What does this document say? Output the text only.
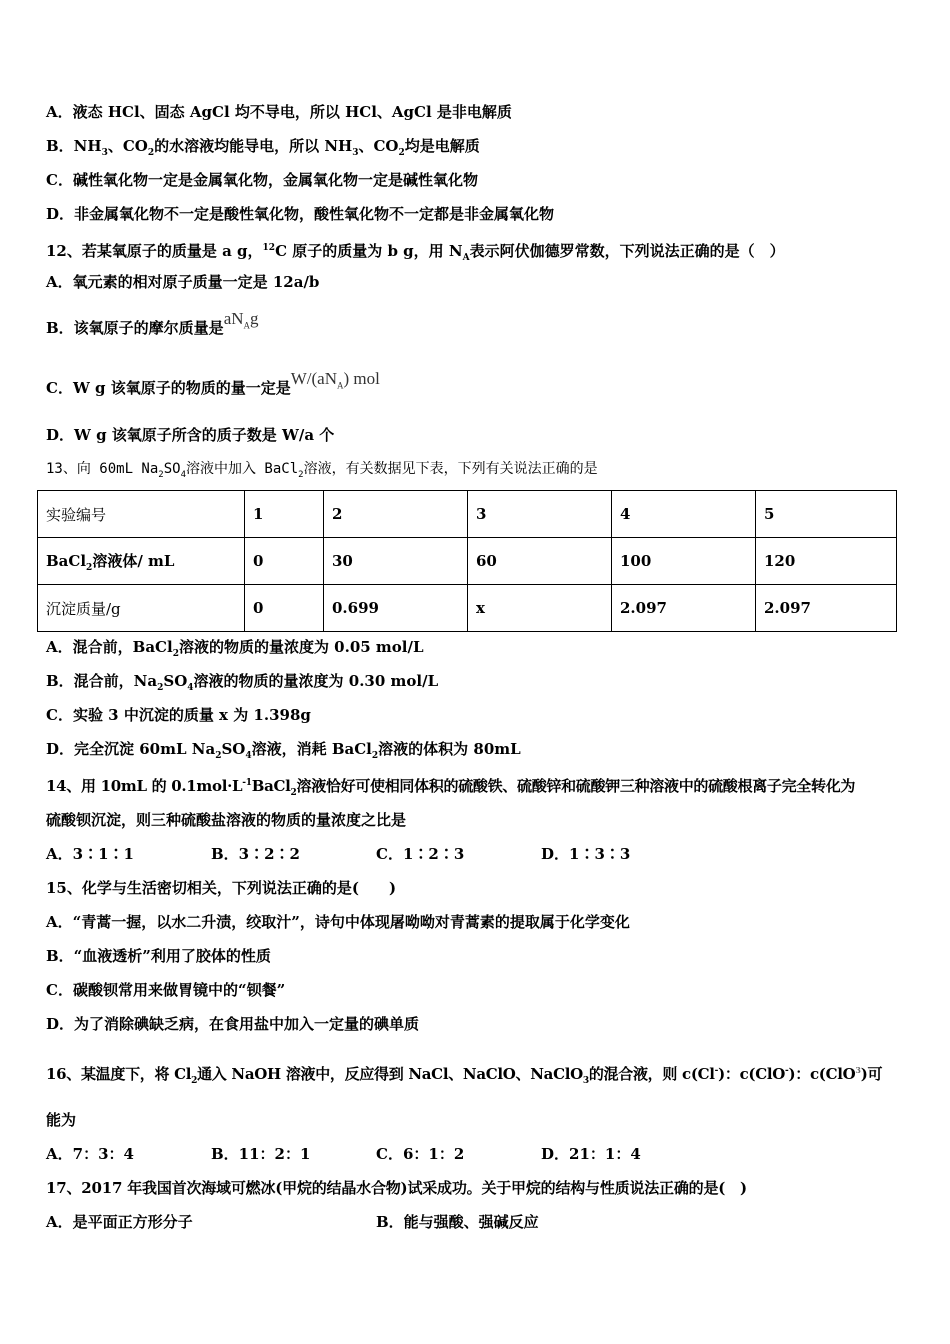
A．液态 HCl、固态 AgCl 均不导电，所以 HCl、AgCl 是非电解质
B．$NH_3$、$CO_2$的水溶液均能导电，所以 $NH_3$、$CO_2$均是电解质
C．碱性氧化物一定是金属氧化物，金属氧化物一定是碱性氧化物
D．非金属氧化物不一定是酸性氧化物，酸性氧化物不一定都是非金属氧化物
12、若某氧原子的质量是 a g，$^{12}$C 原子的质量为 b g，用 $N_A$表示阿伏伽德罗常数，下列说法正确的是（　）
A．氧元素的相对原子质量一定是 12a/b
B．该氧原子的摩尔质量是$aN_Ag$
C．W g 该氧原子的物质的量一定是$W/(aN_A)$ mol
D．W g 该氧原子所含的质子数是 W/a 个
13、向 60mL $Na_2SO_4$溶液中加入 BaCl$_2$溶液，有关数据见下表，下列有关说法正确的是
实验编号	1	2	3	4	5
BaCl$_2$溶液体/ mL	0	30	60	100	120
沉淀质量/g	0	0.699	x	2.097	2.097
A．混合前，BaCl$_2$溶液的物质的量浓度为 0.05 mol/L
B．混合前，$Na_2SO_4$溶液的物质的量浓度为 0.30 mol/L
C．实验 3 中沉淀的质量 x 为 1.398g
D．完全沉淀 60mL $Na_2SO_4$溶液，消耗 BaCl$_2$溶液的体积为 80mL
14、用 10mL 的 $0.1mol\cdot L^{-1}BaCl_2$溶液恰好可使相同体积的硫酸铁、硫酸锌和硫酸钾三种溶液中的硫酸根离子完全转化为
硫酸钡沉淀，则三种硫酸盐溶液的物质的量浓度之比是
A．3∶1∶1	B．3∶2∶2	C．1∶2∶3	D．1∶3∶3
15、化学与生活密切相关，下列说法正确的是(　　)
A．“青蒿一握，以水二升渍，绞取汁”，诗句中体现屠呦呦对青蒿素的提取属于化学变化
B．“血液透析”利用了胶体的性质
C．碳酸钡常用来做胃镜中的“钡餐”
D．为了消除碘缺乏病，在食用盐中加入一定量的碘单质
16、某温度下，将 $Cl_2$通入 NaOH 溶液中，反应得到 NaCl、NaClO、NaClO$_3$的混合液，则 c(Cl-)：c(ClO-)：c(ClO$^3$)可
能为
A．7：3：4	B．11：2：1	C．6：1：2	D．21：1：4
17、2017 年我国首次海域可燃冰(甲烷的结晶水合物)试采成功。关于甲烷的结构与性质说法正确的是(　)
A．是平面正方形分子	B．能与强酸、强碱反应
